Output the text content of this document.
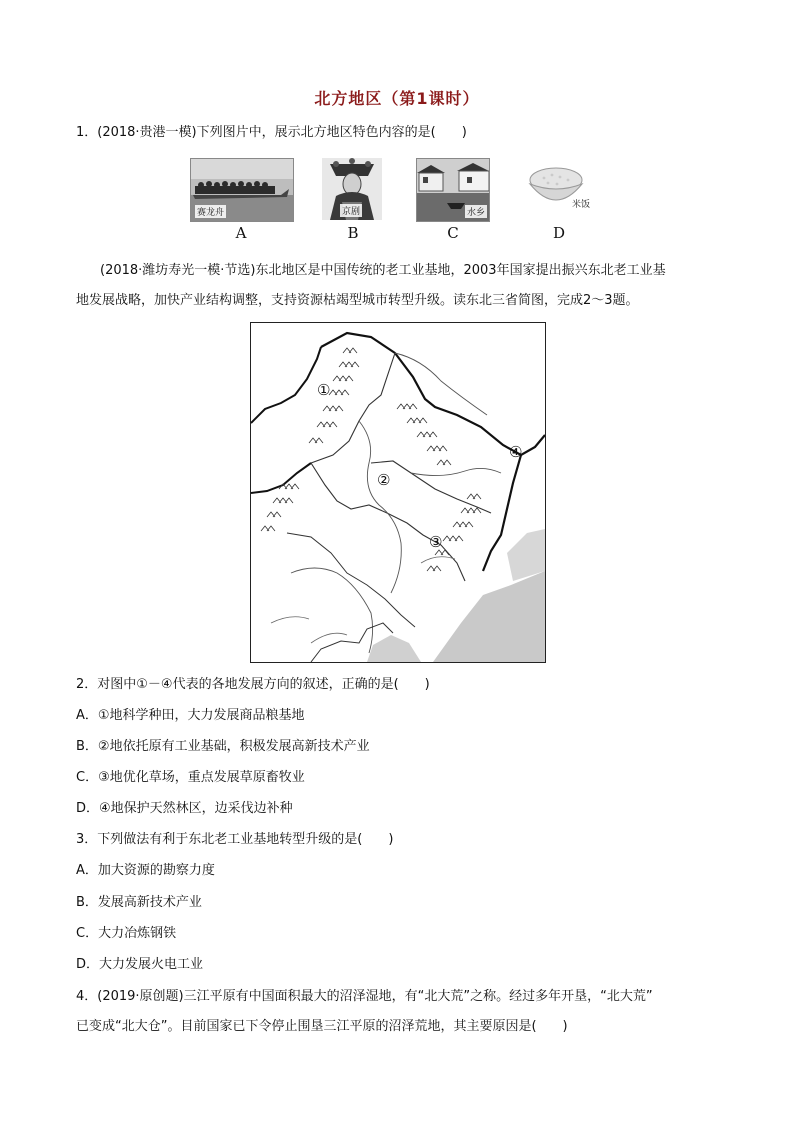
北方地区（第1课时）
1．(2018·贵港一模)下列图片中，展示北方地区特色内容的是(　　)
赛龙舟
A
京剧
B
水乡
C
米饭
D
(2018·潍坊寿光一模·节选)东北地区是中国传统的老工业基地，2003年国家提出振兴东北老工业基
地发展战略，加快产业结构调整，支持资源枯竭型城市转型升级。读东北三省简图，完成2～3题。
①
②
③
④
2．对图中①－④代表的各地发展方向的叙述，正确的是(　　)
A．①地科学种田，大力发展商品粮基地
B．②地依托原有工业基础，积极发展高新技术产业
C．③地优化草场，重点发展草原畜牧业
D．④地保护天然林区，边采伐边补种
3．下列做法有利于东北老工业基地转型升级的是(　　)
A．加大资源的勘察力度
B．发展高新技术产业
C．大力冶炼钢铁
D．大力发展火电工业
4．(2019·原创题)三江平原有中国面积最大的沼泽湿地，有“北大荒”之称。经过多年开垦，“北大荒”
已变成“北大仓”。目前国家已下令停止围垦三江平原的沼泽荒地，其主要原因是(　　)
